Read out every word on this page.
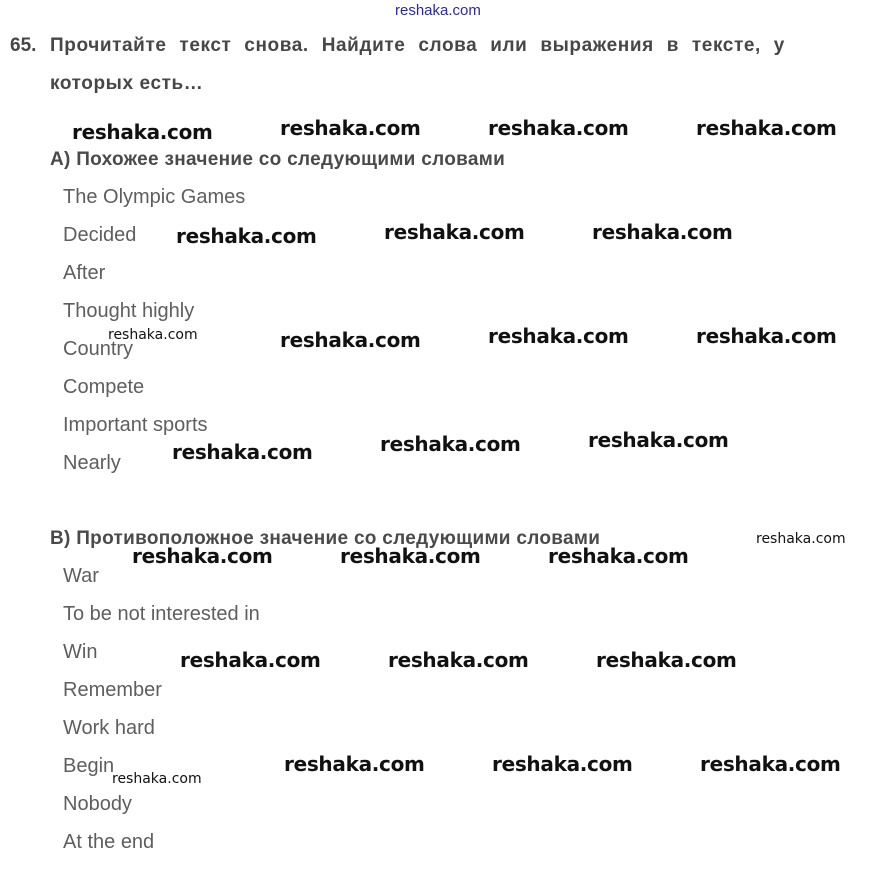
reshaka.com
65. Прочитайте текст снова. Найдите слова или выражения в тексте, у
которых есть…
A) Похожее значение со следующими словами
The Olympic Games
Decided
After
Thought highly
Country
Compete
Important sports
Nearly
B) Противоположное значение со следующими словами
War
To be not interested in
Win
Remember
Work hard
Begin
Nobody
At the end
reshaka.com	reshaka.com	reshaka.com	reshaka.com
reshaka.com	reshaka.com	reshaka.com
reshaka.com	reshaka.com	reshaka.com	reshaka.com
reshaka.com	reshaka.com	reshaka.com
reshaka.com
reshaka.com	reshaka.com	reshaka.com
reshaka.com	reshaka.com	reshaka.com
reshaka.com
reshaka.com	reshaka.com	reshaka.com
